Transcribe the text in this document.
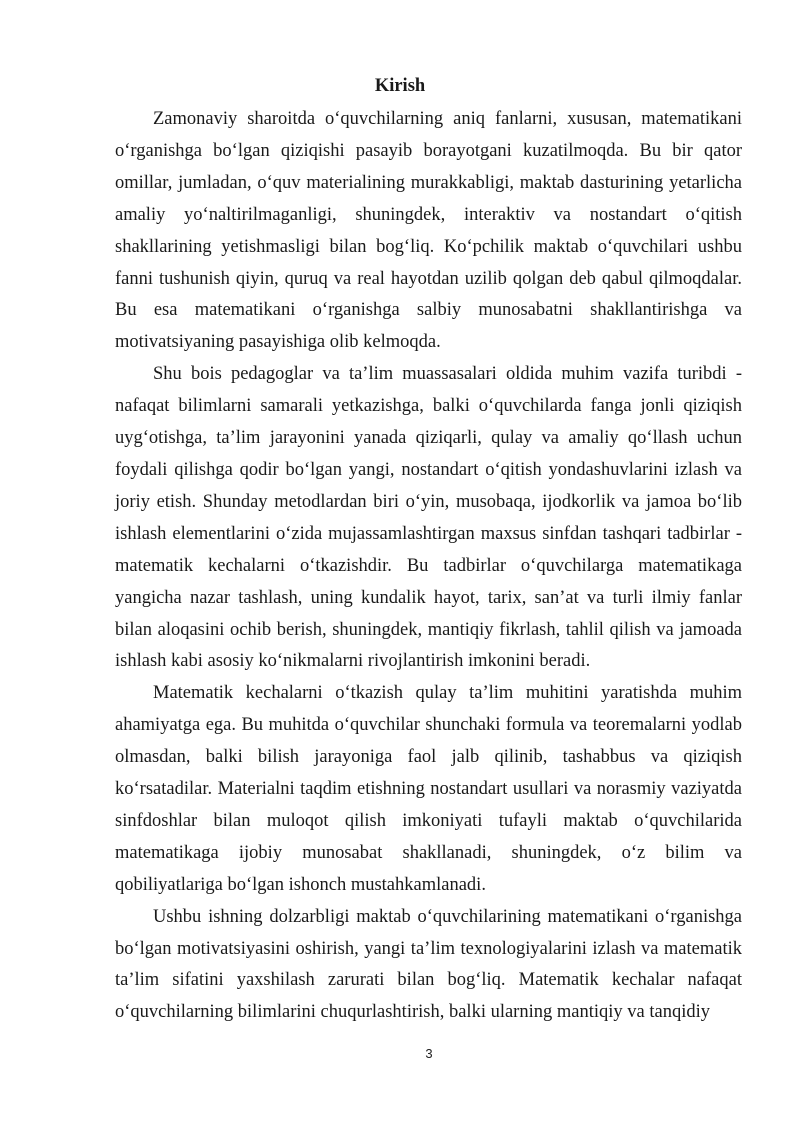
Kirish

Zamonaviy sharoitda o‘quvchilarning aniq fanlarni, xususan, matematikani o‘rganishga bo‘lgan qiziqishi pasayib borayotgani kuzatilmoqda. Bu bir qator omillar, jumladan, o‘quv materialining murakkabligi, maktab dasturining yetarlicha amaliy yo‘naltirilmaganligi, shuningdek, interaktiv va nostandart o‘qitish shakllarining yetishmasligi bilan bog‘liq. Ko‘pchilik maktab o‘quvchilari ushbu fanni tushunish qiyin, quruq va real hayotdan uzilib qolgan deb qabul qilmoqdalar. Bu esa matematikani o‘rganishga salbiy munosabatni shakllantirishga va motivatsiyaning pasayishiga olib kelmoqda.

Shu bois pedagoglar va ta’lim muassasalari oldida muhim vazifa turibdi - nafaqat bilimlarni samarali yetkazishga, balki o‘quvchilarda fanga jonli qiziqish uyg‘otishga, ta’lim jarayonini yanada qiziqarli, qulay va amaliy qo‘llash uchun foydali qilishga qodir bo‘lgan yangi, nostandart o‘qitish yondashuvlarini izlash va joriy etish. Shunday metodlardan biri o‘yin, musobaqa, ijodkorlik va jamoa bo‘lib ishlash elementlarini o‘zida mujassamlashtirgan maxsus sinfdan tashqari tadbirlar - matematik kechalarni o‘tkazishdir. Bu tadbirlar o‘quvchilarga matematikaga yangicha nazar tashlash, uning kundalik hayot, tarix, san’at va turli ilmiy fanlar bilan aloqasini ochib berish, shuningdek, mantiqiy fikrlash, tahlil qilish va jamoada ishlash kabi asosiy ko‘nikmalarni rivojlantirish imkonini beradi.

Matematik kechalarni o‘tkazish qulay ta’lim muhitini yaratishda muhim ahamiyatga ega. Bu muhitda o‘quvchilar shunchaki formula va teoremalarni yodlab olmasdan, balki bilish jarayoniga faol jalb qilinib, tashabbus va qiziqish ko‘rsatadilar. Materialni taqdim etishning nostandart usullari va norasmiy vaziyatda sinfdoshlar bilan muloqot qilish imkoniyati tufayli maktab o‘quvchilarida matematikaga ijobiy munosabat shakllanadi, shuningdek, o‘z bilim va qobiliyatlariga bo‘lgan ishonch mustahkamlanadi.

Ushbu ishning dolzarbligi maktab o‘quvchilarining matematikani o‘rganishga bo‘lgan motivatsiyasini oshirish, yangi ta’lim texnologiyalarini izlash va matematik ta’lim sifatini yaxshilash zarurati bilan bog‘liq. Matematik kechalar nafaqat o‘quvchilarning bilimlarini chuqurlashtirish, balki ularning mantiqiy va tanqidiy

3
